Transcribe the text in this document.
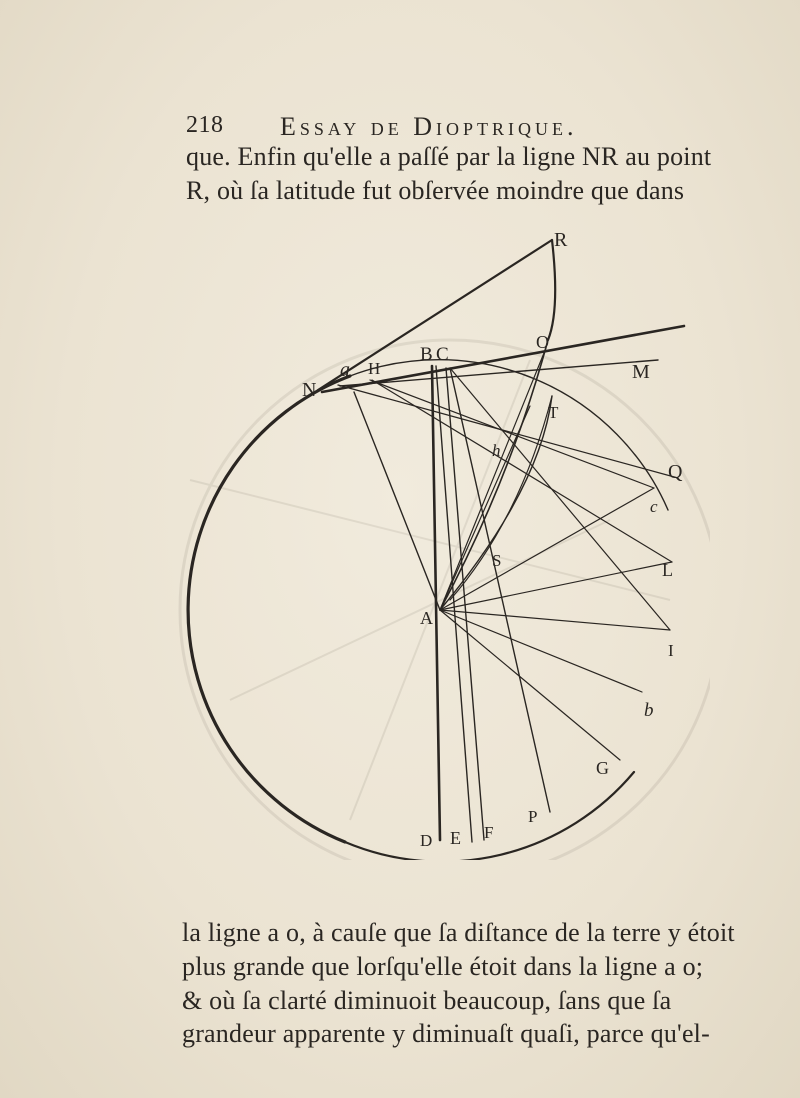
218 Essay de Dioptrique.
que. Enfin qu'elle a paſſé par la ligne NR au point
R, où ſa latitude fut obſervée moindre que dans
R
O
B C
a H
N
M
T
h
Q
c
S	L
A
I
b
G
P
F
E
D
la ligne a o, à cauſe que ſa diſtance de la terre y étoit
plus grande que lorſqu'elle étoit dans la ligne a o;
& où ſa clarté diminuoit beaucoup, ſans que ſa
grandeur apparente y diminuaſt quaſi, parce qu'el-
